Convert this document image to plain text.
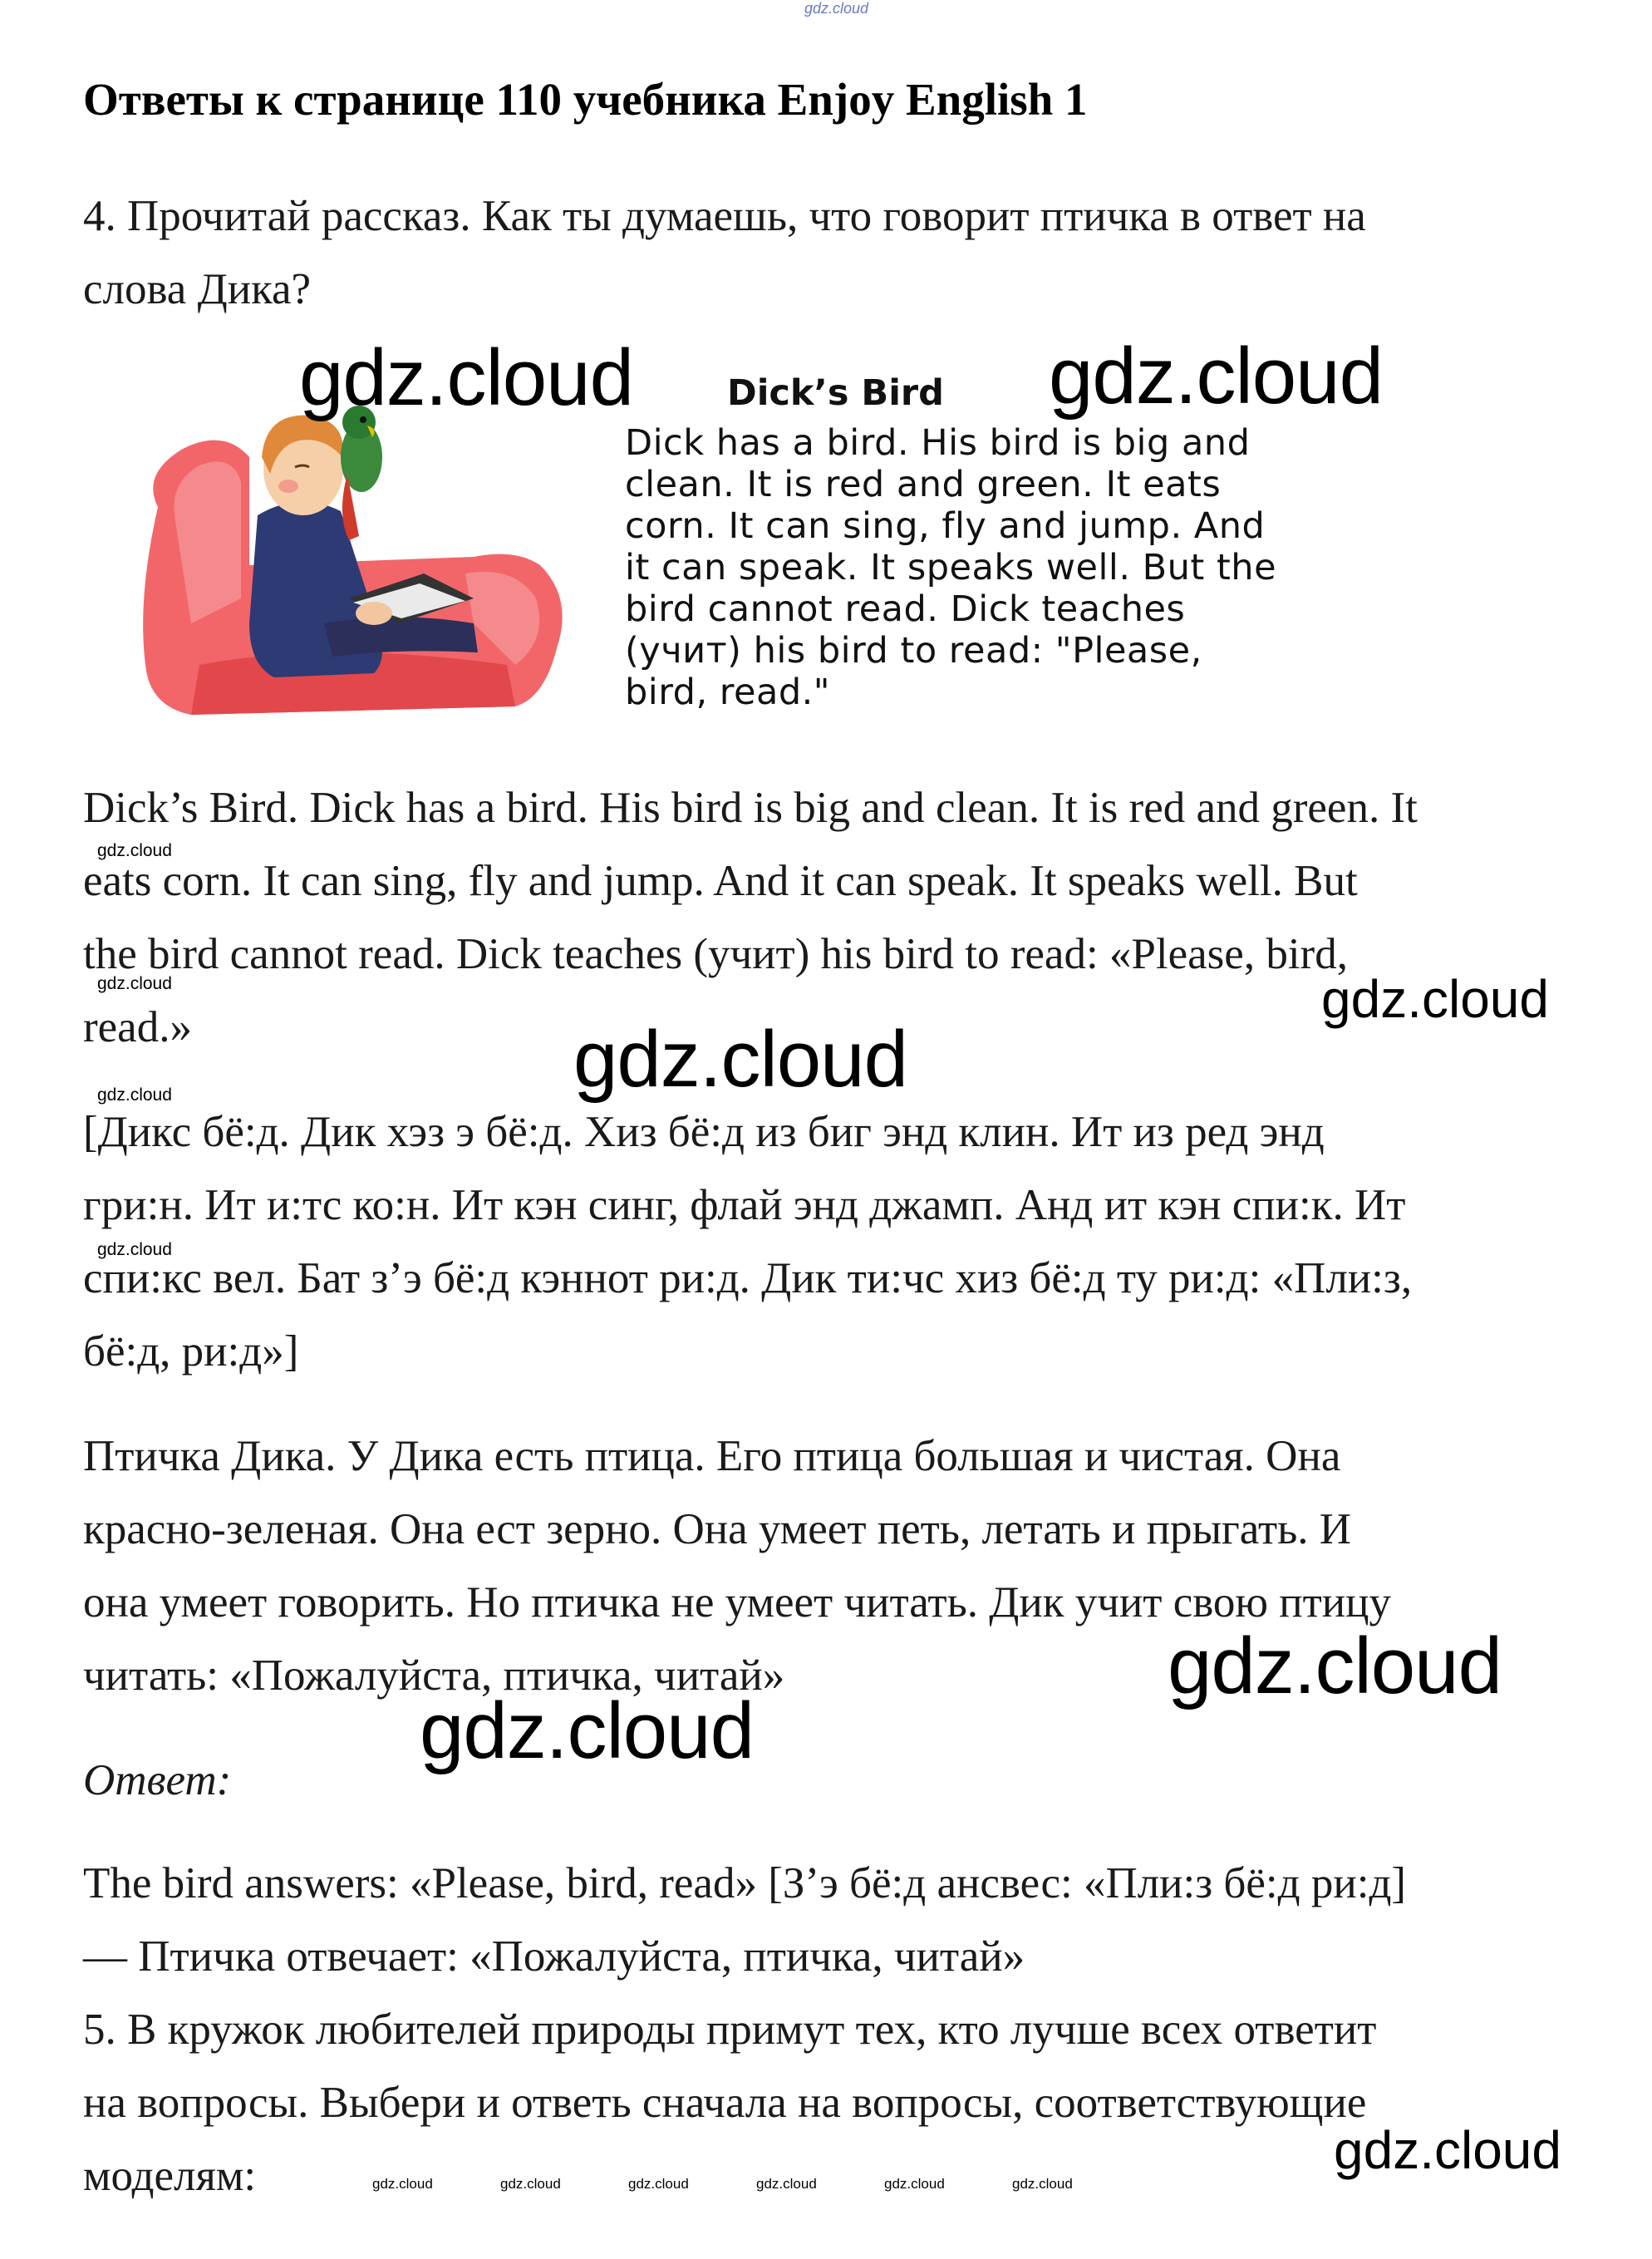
gdz.cloud
Ответы к странице 110 учебника Enjoy English 1
4. Прочитай рассказ. Как ты думаешь, что говорит птичка в ответ на
слова Дика?
Dick’s Bird
Dick has a bird. His bird is big and
clean. It is red and green. It eats
corn. It can sing, fly and jump. And
it can speak. It speaks well. But the
bird cannot read. Dick teaches
(учит) his bird to read: "Please,
bird, read."
gdz.cloud	gdz.cloud
Dick’s Bird. Dick has a bird. His bird is big and clean. It is red and green. It
eats corn. It can sing, fly and jump. And it can speak. It speaks well. But
the bird cannot read. Dick teaches (учит) his bird to read: «Please, bird,
read.»
gdz.cloud
gdz.cloud	gdz.cloud
gdz.cloud
gdz.cloud
[Дикс бё:д. Дик хэз э бё:д. Хиз бё:д из биг энд клин. Ит из ред энд
гри:н. Ит и:тс ко:н. Ит кэн синг, флай энд джамп. Анд ит кэн спи:к. Ит
gdz.cloud
спи:кс вел. Бат з’э бё:д кэннот ри:д. Дик ти:чс хиз бё:д ту ри:д: «Пли:з,
бё:д, ри:д»]
Птичка Дика. У Дика есть птица. Его птица большая и чистая. Она
красно-зеленая. Она ест зерно. Она умеет петь, летать и прыгать. И
она умеет говорить. Но птичка не умеет читать. Дик учит свою птицу
читать: «Пожалуйста, птичка, читай»	gdz.cloud
gdz.cloud
Ответ:
The bird answers: «Please, bird, read» [З’э бё:д ансвес: «Пли:з бё:д ри:д]
— Птичка отвечает: «Пожалуйста, птичка, читай»
5. В кружок любителей природы примут тех, кто лучше всех ответит
на вопросы. Выбери и ответь сначала на вопросы, соответствующие
моделям:	gdz.cloud
gdz.cloud	gdz.cloud	gdz.cloud	gdz.cloud	gdz.cloud	gdz.cloud
